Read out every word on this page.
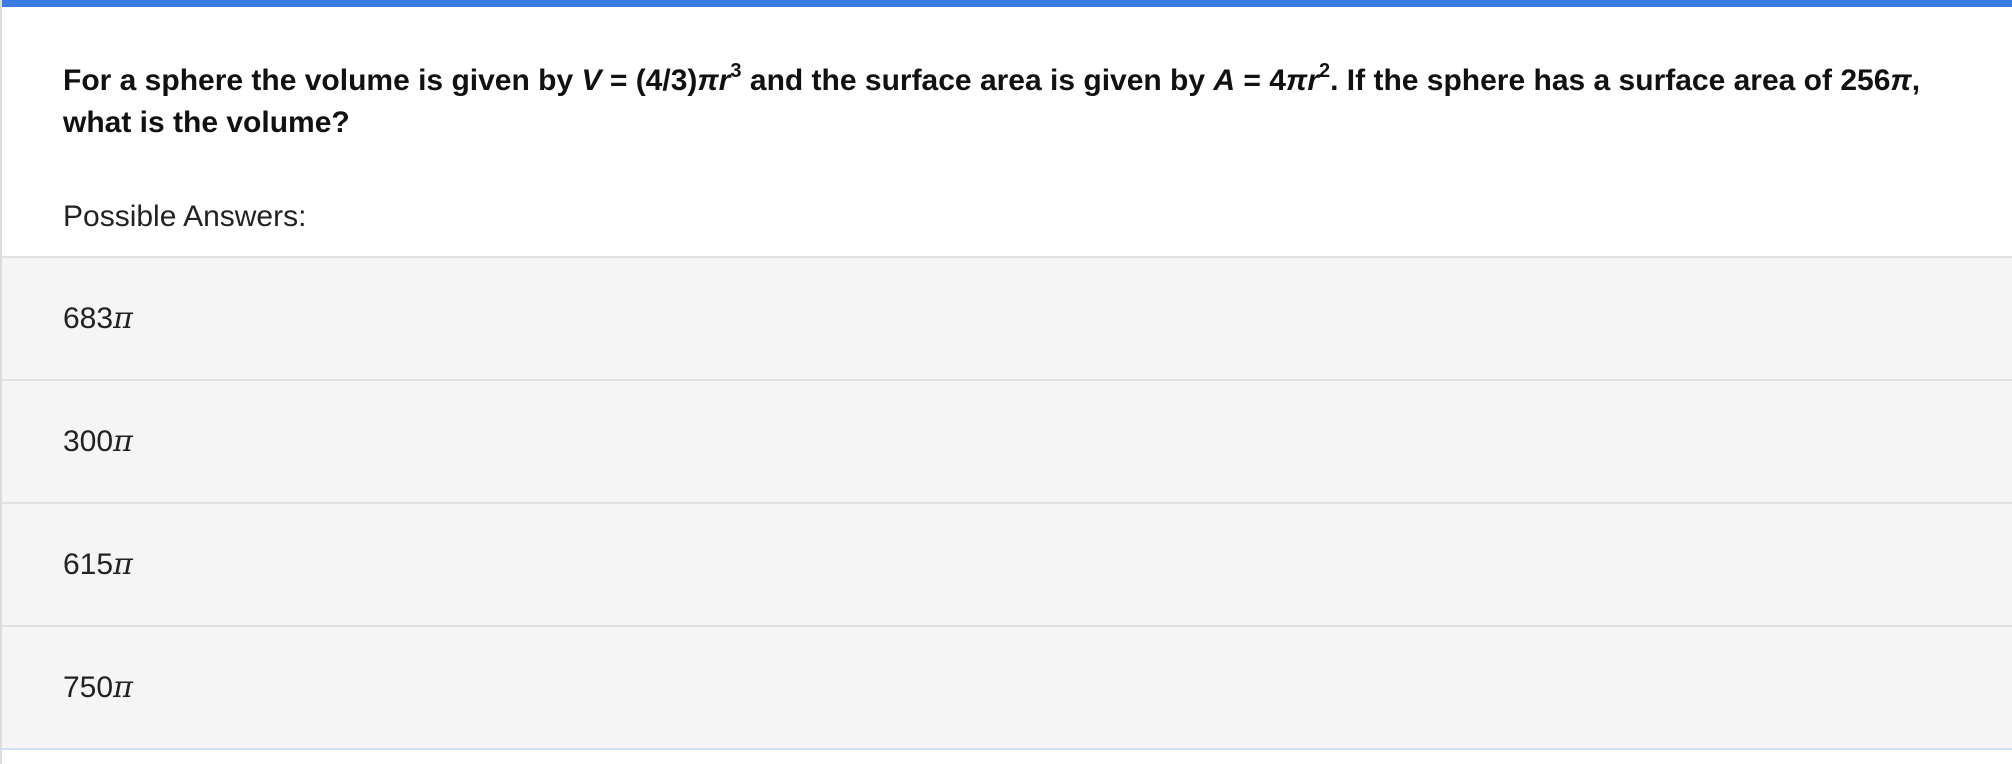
For a sphere the volume is given by $V = (4/3)\pi r^3$ and the surface area is given by $A = 4\pi r^2$. If the sphere has a surface area of 256π, what is the volume?
Possible Answers:
683π
300π
615π
750π
